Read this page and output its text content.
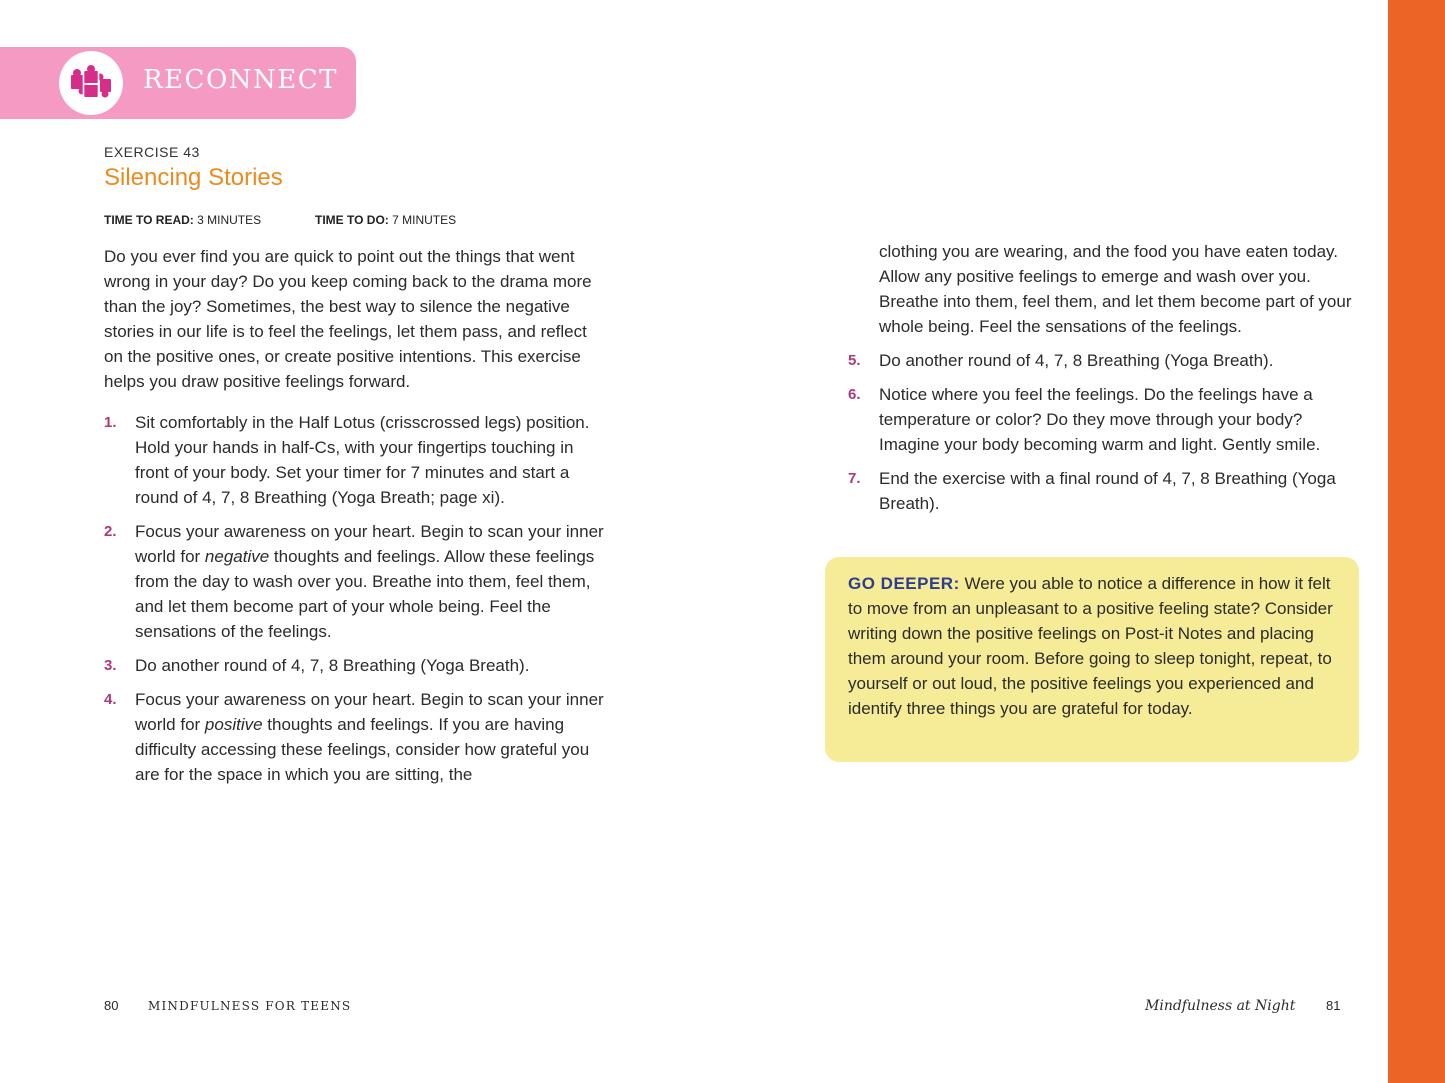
RECONNECT
EXERCISE 43
Silencing Stories
TIME TO READ: 3 MINUTES	TIME TO DO: 7 MINUTES

Do you ever find you are quick to point out the things that went wrong in your day? Do you keep coming back to the drama more than the joy? Sometimes, the best way to silence the negative stories in our life is to feel the feelings, let them pass, and reflect on the positive ones, or create positive intentions. This exercise helps you draw positive feelings forward.

1. Sit comfortably in the Half Lotus (crisscrossed legs) position. Hold your hands in half-Cs, with your fingertips touching in front of your body. Set your timer for 7 minutes and start a round of 4, 7, 8 Breathing (Yoga Breath; page xi).
2. Focus your awareness on your heart. Begin to scan your inner world for negative thoughts and feelings. Allow these feelings from the day to wash over you. Breathe into them, feel them, and let them become part of your whole being. Feel the sensations of the feelings.
3. Do another round of 4, 7, 8 Breathing (Yoga Breath).
4. Focus your awareness on your heart. Begin to scan your inner world for positive thoughts and feelings. If you are having difficulty accessing these feelings, consider how grateful you are for the space in which you are sitting, the
clothing you are wearing, and the food you have eaten today. Allow any positive feelings to emerge and wash over you. Breathe into them, feel them, and let them become part of your whole being. Feel the sensations of the feelings.
5. Do another round of 4, 7, 8 Breathing (Yoga Breath).
6. Notice where you feel the feelings. Do the feelings have a temperature or color? Do they move through your body? Imagine your body becoming warm and light. Gently smile.
7. End the exercise with a final round of 4, 7, 8 Breathing (Yoga Breath).

GO DEEPER: Were you able to notice a difference in how it felt to move from an unpleasant to a positive feeling state? Consider writing down the positive feelings on Post-it Notes and placing them around your room. Before going to sleep tonight, repeat, to yourself or out loud, the positive feelings you experienced and identify three things you are grateful for today.

80 MINDFULNESS FOR TEENS	Mindfulness at Night 81
